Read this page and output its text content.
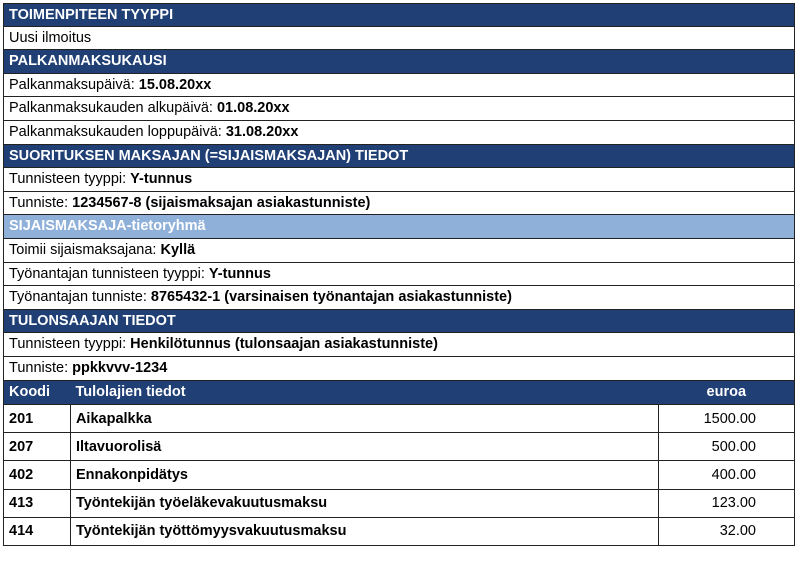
TOIMENPITEEN TYYPPI
Uusi ilmoitus
PALKANMAKSUKAUSI
Palkanmaksupäivä: 15.08.20xx
Palkanmaksukauden alkupäivä: 01.08.20xx
Palkanmaksukauden loppupäivä: 31.08.20xx
SUORITUKSEN MAKSAJAN (=SIJAISMAKSAJAN) TIEDOT
Tunnisteen tyyppi: Y-tunnus
Tunniste: 1234567-8 (sijaismaksajan asiakastunniste)
SIJAISMAKSAJA-tietoryhmä
Toimii sijaismaksajana: Kyllä
Työnantajan tunnisteen tyyppi: Y-tunnus
Työnantajan tunniste: 8765432-1 (varsinaisen työnantajan asiakastunniste)
TULONSAAJAN TIEDOT
Tunnisteen tyyppi: Henkilötunnus (tulonsaajan asiakastunniste)
Tunniste: ppkkvvv-1234
Koodi	Tulolajien tiedot	euroa
201	Aikapalkka	1500.00
207	Iltavuorolisä	500.00
402	Ennakonpidätys	400.00
413	Työntekijän työeläkevakuutusmaksu	123.00
414	Työntekijän työttömyysvakuutusmaksu	32.00
